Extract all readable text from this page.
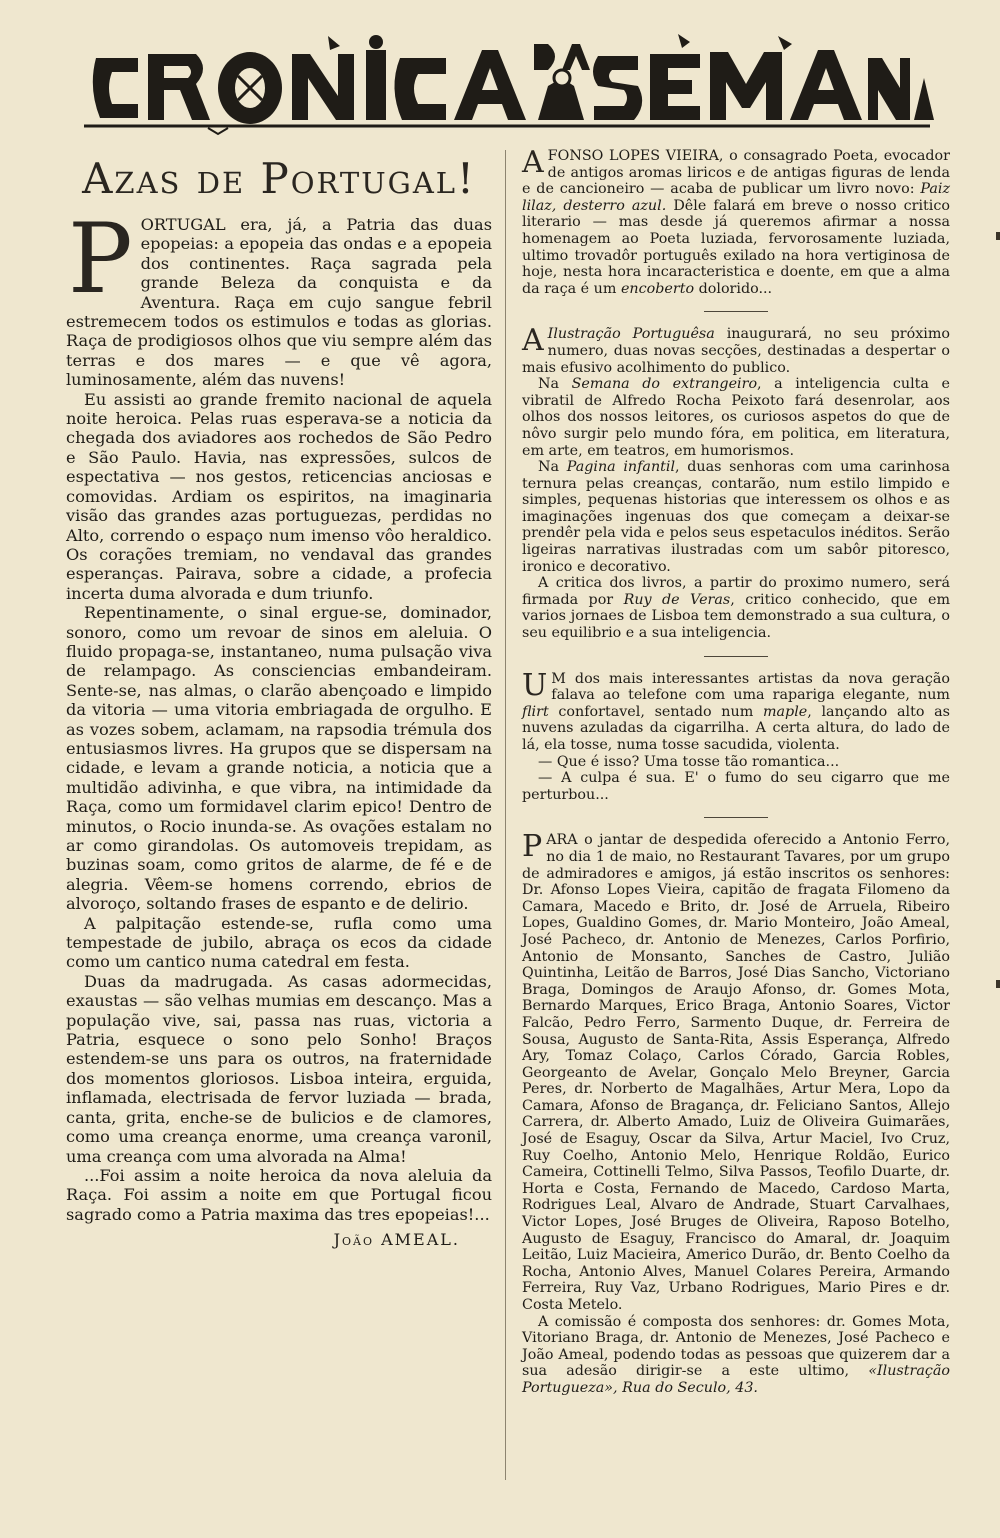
Azas de Portugal!

PORTUGAL era, já, a Patria das duas epopeias: a epopeia das ondas e a epopeia dos continentes. Raça sagrada pela grande Beleza da conquista e da Aventura. Raça em cujo sangue febril estremecem todos os estimulos e todas as glorias. Raça de prodigiosos olhos que viu sempre além das terras e dos mares — e que vê agora, luminosamente, além das nuvens!

Eu assisti ao grande fremito nacional de aquela noite heroica. Pelas ruas esperava-se a noticia da chegada dos aviadores aos rochedos de São Pedro e São Paulo. Havia, nas expressões, sulcos de espectativa — nos gestos, reticencias anciosas e comovidas. Ardiam os espiritos, na imaginaria visão das grandes azas portuguezas, perdidas no Alto, correndo o espaço num imenso vôo heraldico. Os corações tremiam, no vendaval das grandes esperanças. Pairava, sobre a cidade, a profecia incerta duma alvorada e dum triunfo.

Repentinamente, o sinal ergue-se, dominador, sonoro, como um revoar de sinos em aleluia. O fluido propaga-se, instantaneo, numa pulsação viva de relampago. As consciencias embandeiram. Sente-se, nas almas, o clarão abençoado e limpido da vitoria — uma vitoria embriagada de orgulho. E as vozes sobem, aclamam, na rapsodia trémula dos entusiasmos livres. Ha grupos que se dispersam na cidade, e levam a grande noticia, a noticia que a multidão adivinha, e que vibra, na intimidade da Raça, como um formidavel clarim epico! Dentro de minutos, o Rocio inunda-se. As ovações estalam no ar como girandolas. Os automoveis trepidam, as buzinas soam, como gritos de alarme, de fé e de alegria. Vêem-se homens correndo, ebrios de alvoroço, soltando frases de espanto e de delirio.

A palpitação estende-se, rufla como uma tempestade de jubilo, abraça os ecos da cidade como um cantico numa catedral em festa.

Duas da madrugada. As casas adormecidas, exaustas — são velhas mumias em descanço. Mas a população vive, sai, passa nas ruas, victoria a Patria, esquece o sono pelo Sonho! Braços estendem-se uns para os outros, na fraternidade dos momentos gloriosos. Lisboa inteira, erguida, inflamada, electrisada de fervor luziada — brada, canta, grita, enche-se de bulicios e de clamores, como uma creança enorme, uma creança varonil, uma creança com uma alvorada na Alma!

...Foi assim a noite heroica da nova aleluia da Raça. Foi assim a noite em que Portugal ficou sagrado como a Patria maxima das tres epopeias!...

João AMEAL.

AFONSO LOPES VIEIRA, o consagrado Poeta, evocador de antigos aromas liricos e de antigas figuras de lenda e de cancioneiro — acaba de publicar um livro novo: Paiz lilaz, desterro azul. Dêle falará em breve o nosso critico literario — mas desde já queremos afirmar a nossa homenagem ao Poeta luziada, fervorosamente luziada, ultimo trovadôr português exilado na hora vertiginosa de hoje, nesta hora incaracteristica e doente, em que a alma da raça é um encoberto dolorido...

A Ilustração Portuguêsa inaugurará, no seu próximo numero, duas novas secções, destinadas a despertar o mais efusivo acolhimento do publico.

Na Semana do extrangeiro, a inteligencia culta e vibratil de Alfredo Rocha Peixoto fará desenrolar, aos olhos dos nossos leitores, os curiosos aspetos do que de nôvo surgir pelo mundo fóra, em politica, em literatura, em arte, em teatros, em humorismos.

Na Pagina infantil, duas senhoras com uma carinhosa ternura pelas creanças, contarão, num estilo limpido e simples, pequenas historias que interessem os olhos e as imaginações ingenuas dos que começam a deixar-se prendêr pela vida e pelos seus espetaculos inéditos. Serão ligeiras narrativas ilustradas com um sabôr pitoresco, ironico e decorativo.

A critica dos livros, a partir do proximo numero, será firmada por Ruy de Veras, critico conhecido, que em varios jornaes de Lisboa tem demonstrado a sua cultura, o seu equilibrio e a sua inteligencia.

U M dos mais interessantes artistas da nova geração falava ao telefone com uma rapariga elegante, num flirt confortavel, sentado num maple, lançando alto as nuvens azuladas da cigarrilha. A certa altura, do lado de lá, ela tosse, numa tosse sacudida, violenta.

— Que é isso? Uma tosse tão romantica...

— A culpa é sua. E' o fumo do seu cigarro que me perturbou...

PARA o jantar de despedida oferecido a Antonio Ferro, no dia 1 de maio, no Restaurant Tavares, por um grupo de admiradores e amigos, já estão inscritos os senhores: Dr. Afonso Lopes Vieira, capitão de fragata Filomeno da Camara, Macedo e Brito, dr. José de Arruela, Ribeiro Lopes, Gualdino Gomes, dr. Mario Monteiro, João Ameal, José Pacheco, dr. Antonio de Menezes, Carlos Porfirio, Antonio de Monsanto, Sanches de Castro, Julião Quintinha, Leitão de Barros, José Dias Sancho, Victoriano Braga, Domingos de Araujo Afonso, dr. Gomes Mota, Bernardo Marques, Erico Braga, Antonio Soares, Victor Falcão, Pedro Ferro, Sarmento Duque, dr. Ferreira de Sousa, Augusto de Santa-Rita, Assis Esperança, Alfredo Ary, Tomaz Colaço, Carlos Córado, Garcia Robles, Georgeanto de Avelar, Gonçalo Melo Breyner, Garcia Peres, dr. Norberto de Magalhães, Artur Mera, Lopo da Camara, Afonso de Bragança, dr. Feliciano Santos, Allejo Carrera, dr. Alberto Amado, Luiz de Oliveira Guimarães, José de Esaguy, Oscar da Silva, Artur Maciel, Ivo Cruz, Ruy Coelho, Antonio Melo, Henrique Roldão, Eurico Cameira, Cottinelli Telmo, Silva Passos, Teofilo Duarte, dr. Horta e Costa, Fernando de Macedo, Cardoso Marta, Rodrigues Leal, Alvaro de Andrade, Stuart Carvalhaes, Victor Lopes, José Bruges de Oliveira, Raposo Botelho, Augusto de Esaguy, Francisco do Amaral, dr. Joaquim Leitão, Luiz Macieira, Americo Durão, dr. Bento Coelho da Rocha, Antonio Alves, Manuel Colares Pereira, Armando Ferreira, Ruy Vaz, Urbano Rodrigues, Mario Pires e dr. Costa Metelo.

A comissão é composta dos senhores: dr. Gomes Mota, Vitoriano Braga, dr. Antonio de Menezes, José Pacheco e João Ameal, podendo todas as pessoas que quizerem dar a sua adesão dirigir-se a este ultimo, «Ilustração Portugueza», Rua do Seculo, 43.
